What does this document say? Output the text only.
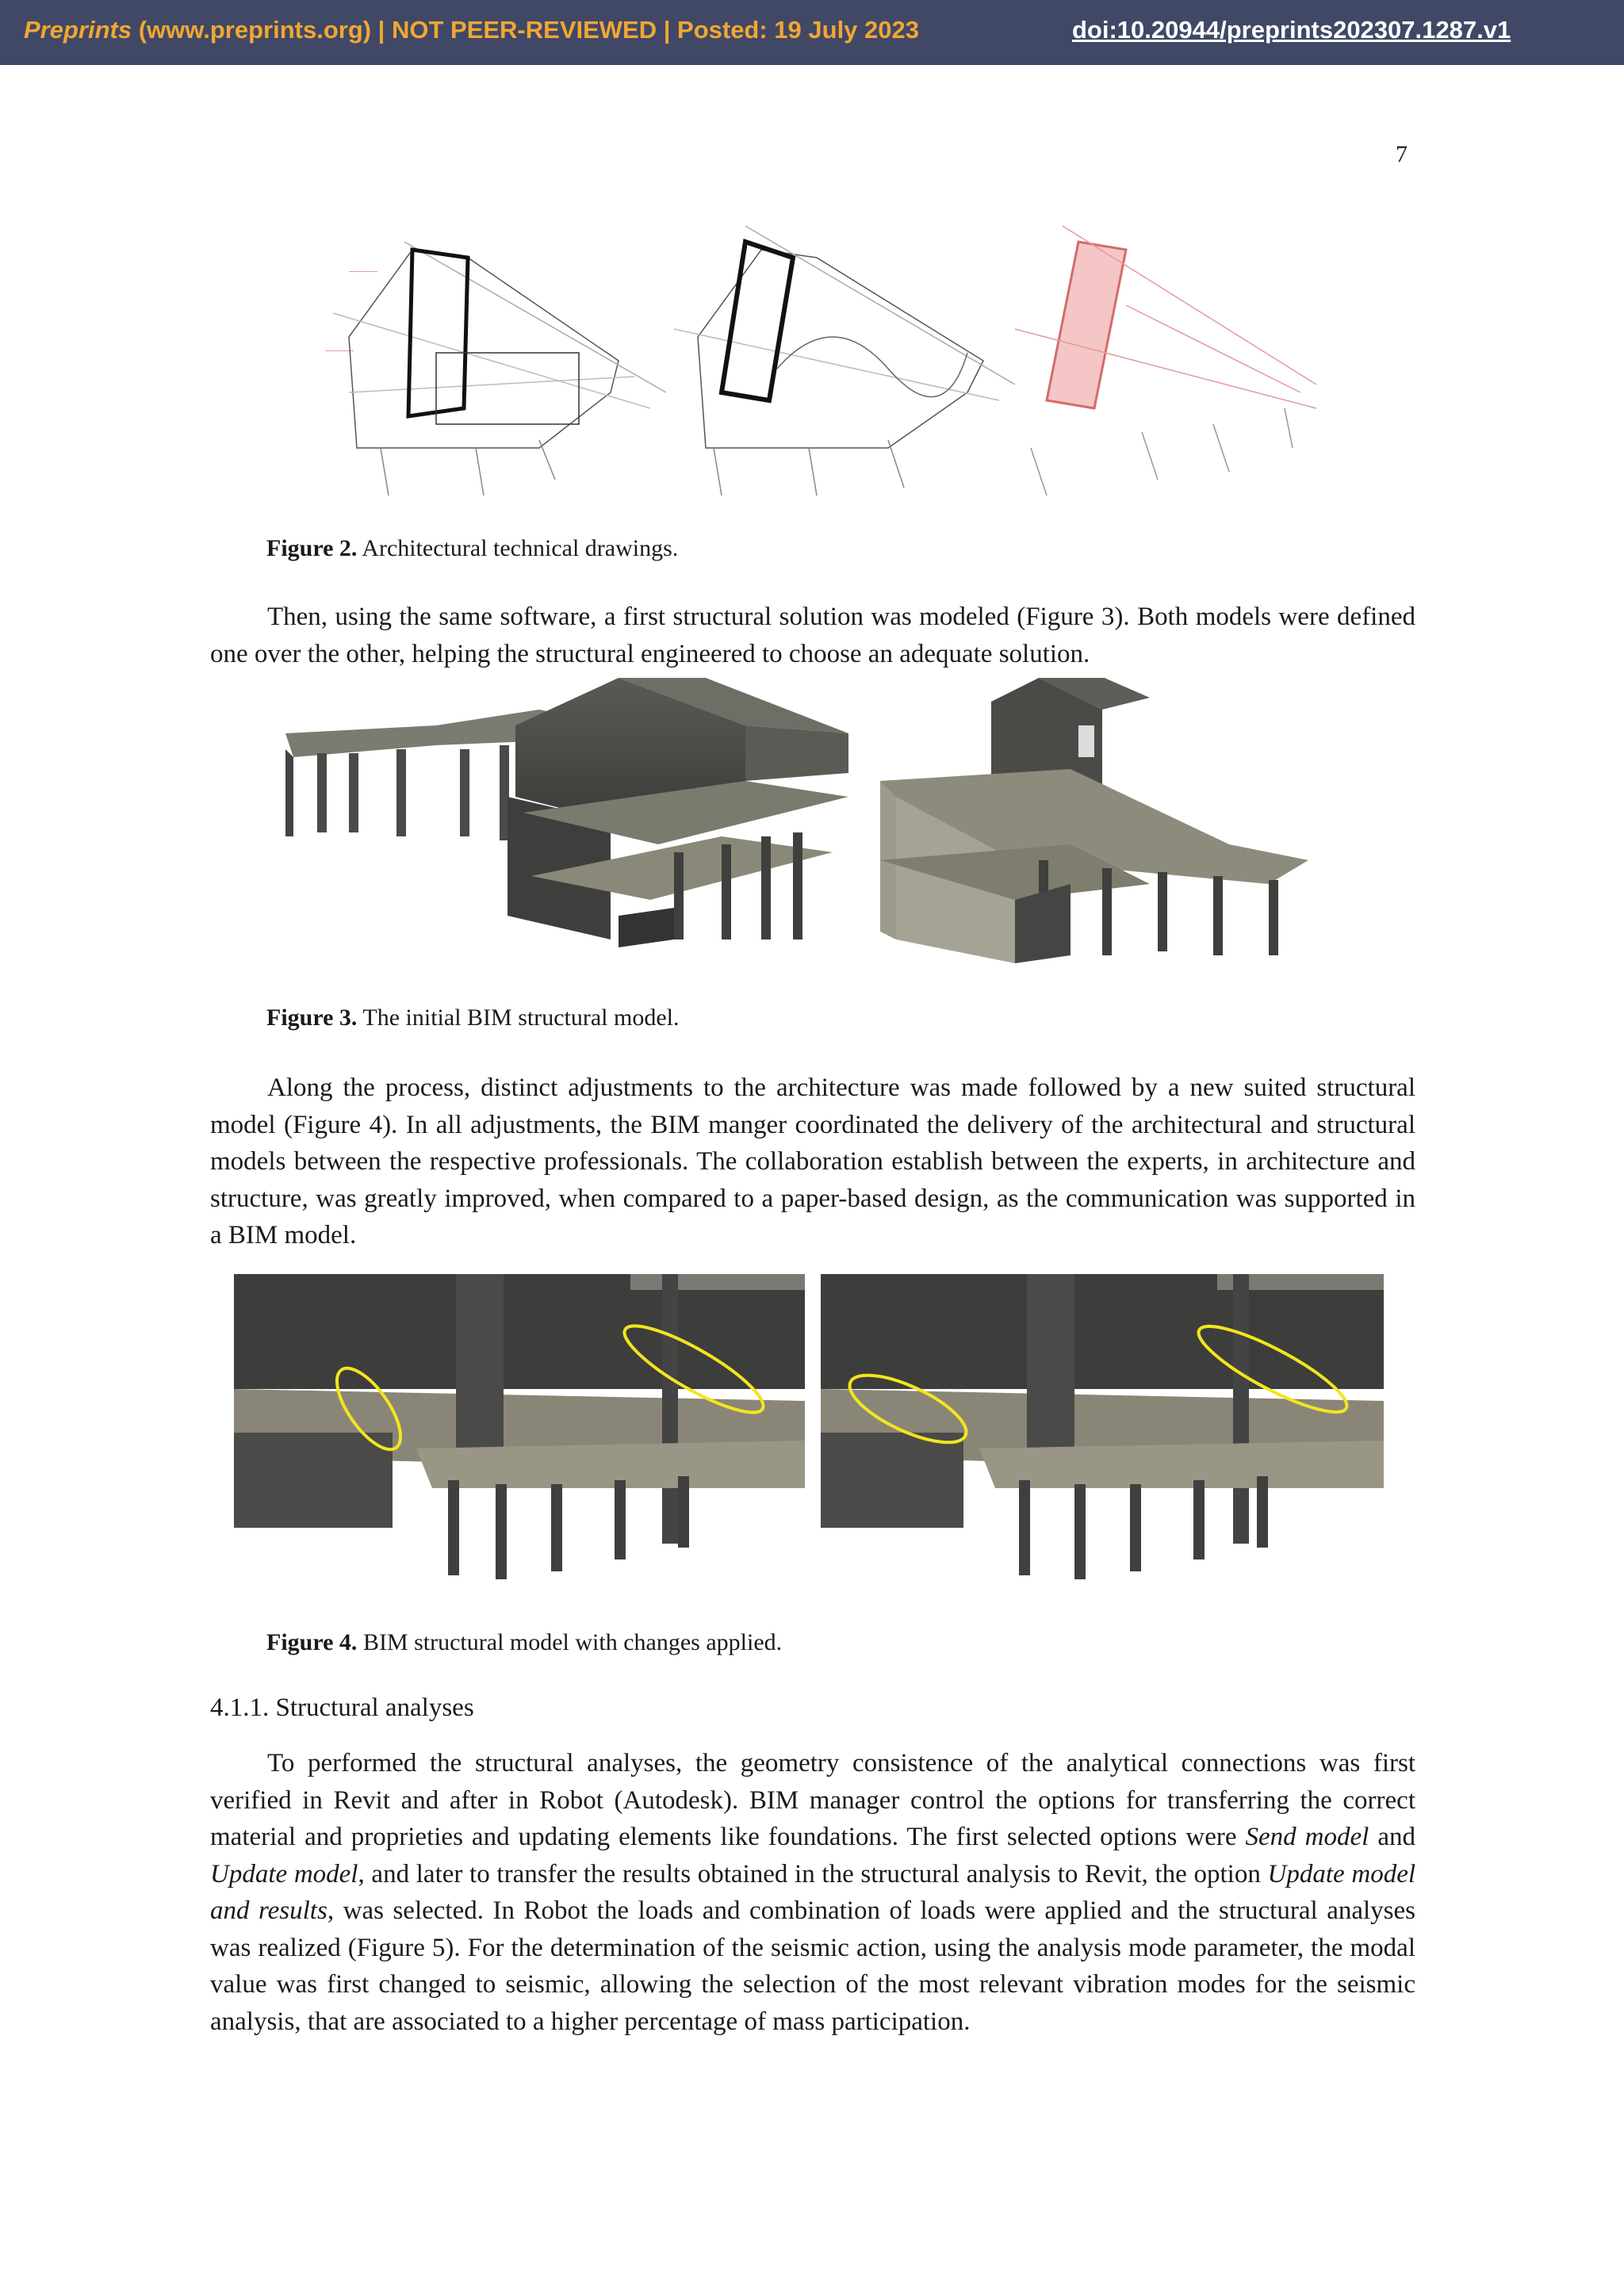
Preprints (www.preprints.org) | NOT PEER-REVIEWED | Posted: 19 July 2023	doi:10.20944/preprints202307.1287.v1
7
————
————
Figure 2. Architectural technical drawings.

Then, using the same software, a first structural solution was modeled (Figure 3). Both models were defined one over the other, helping the structural engineered to choose an adequate solution.

Figure 3. The initial BIM structural model.

Along the process, distinct adjustments to the architecture was made followed by a new suited structural model (Figure 4). In all adjustments, the BIM manger coordinated the delivery of the architectural and structural models between the respective professionals. The collaboration establish between the experts, in architecture and structure, was greatly improved, when compared to a paper-based design, as the communication was supported in a BIM model.

Figure 4. BIM structural model with changes applied.
4.1.1. Structural analyses

To performed the structural analyses, the geometry consistence of the analytical connections was first verified in Revit and after in Robot (Autodesk). BIM manager control the options for transferring the correct material and proprieties and updating elements like foundations. The first selected options were Send model and Update model, and later to transfer the results obtained in the structural analysis to Revit, the option Update model and results, was selected. In Robot the loads and combination of loads were applied and the structural analyses was realized (Figure 5). For the determination of the seismic action, using the analysis mode parameter, the modal value was first changed to seismic, allowing the selection of the most relevant vibration modes for the seismic analysis, that are associated to a higher percentage of mass participation.
